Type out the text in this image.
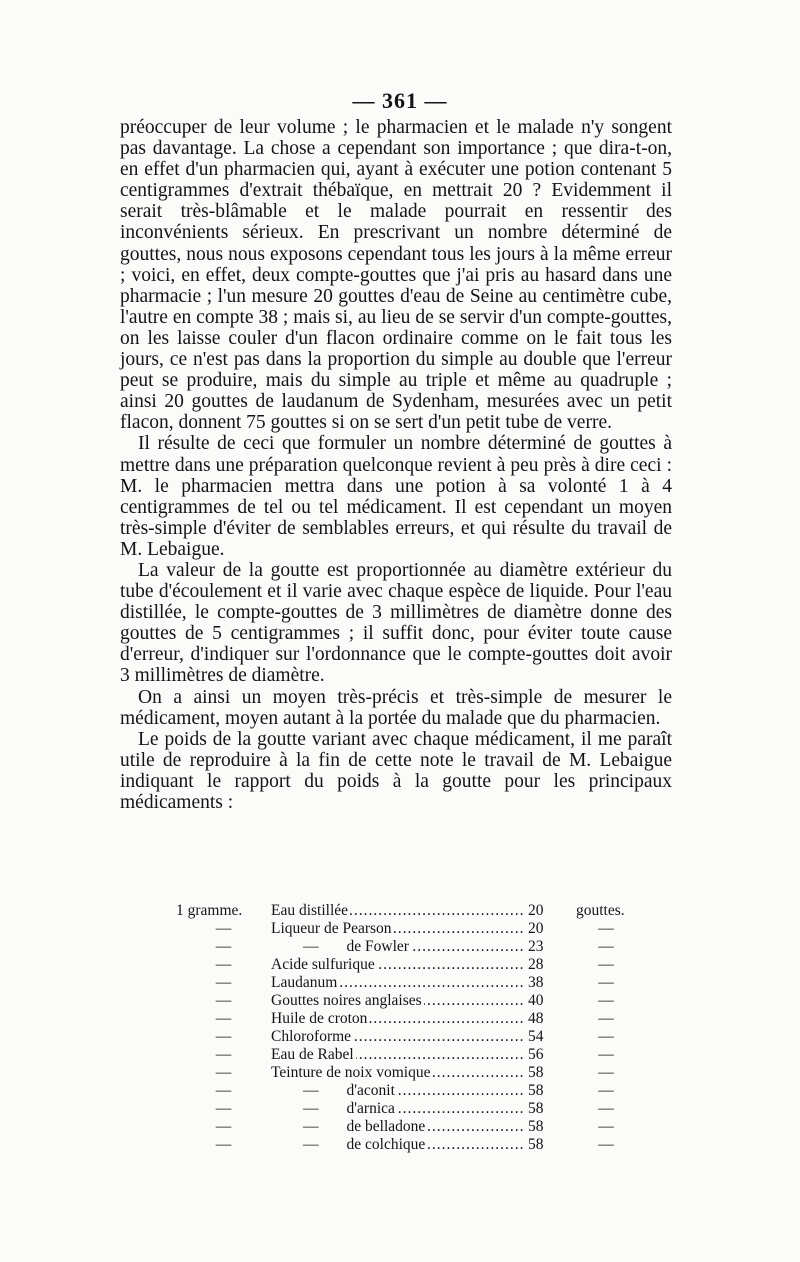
— 361 —

préoccuper de leur volume ; le pharmacien et le malade n'y songent pas davantage. La chose a cependant son importance ; que dira-t-on, en effet d'un pharmacien qui, ayant à exécuter une potion contenant 5 centigrammes d'extrait thébaïque, en mettrait 20 ? Evidemment il serait très-blâmable et le malade pourrait en ressentir des inconvénients sérieux. En prescrivant un nombre déterminé de gouttes, nous nous exposons cependant tous les jours à la même erreur ; voici, en effet, deux compte-gouttes que j'ai pris au hasard dans une pharmacie ; l'un mesure 20 gouttes d'eau de Seine au centimètre cube, l'autre en compte 38 ; mais si, au lieu de se servir d'un compte-gouttes, on les laisse couler d'un flacon ordinaire comme on le fait tous les jours, ce n'est pas dans la proportion du simple au double que l'erreur peut se produire, mais du simple au triple et même au quadruple ; ainsi 20 gouttes de laudanum de Sydenham, mesurées avec un petit flacon, donnent 75 gouttes si on se sert d'un petit tube de verre.

Il résulte de ceci que formuler un nombre déterminé de gouttes à mettre dans une préparation quelconque revient à peu près à dire ceci : M. le pharmacien mettra dans une potion à sa volonté 1 à 4 centigrammes de tel ou tel médicament. Il est cependant un moyen très-simple d'éviter de semblables erreurs, et qui résulte du travail de M. Lebaigue.

La valeur de la goutte est proportionnée au diamètre extérieur du tube d'écoulement et il varie avec chaque espèce de liquide. Pour l'eau distillée, le compte-gouttes de 3 millimètres de diamètre donne des gouttes de 5 centigrammes ; il suffit donc, pour éviter toute cause d'erreur, d'indiquer sur l'ordonnance que le compte-gouttes doit avoir 3 millimètres de diamètre.

On a ainsi un moyen très-précis et très-simple de mesurer le médicament, moyen autant à la portée du malade que du pharmacien.

Le poids de la goutte variant avec chaque médicament, il me paraît utile de reproduire à la fin de cette note le travail de M. Lebaigue indiquant le rapport du poids à la goutte pour les principaux médicaments :

1 gramme.	Eau distillée .....	20	gouttes.
—	Liqueur de Pearson .....	20	—
—	— de Fowler .....	23	—
—	Acide sulfurique .....	28	—
—	Laudanum .....	38	—
—	Gouttes noires anglaises .....	40	—
—	Huile de croton .....	48	—
—	Chloroforme .....	54	—
—	Eau de Rabel .....	56	—
—	Teinture de noix vomique .....	58	—
—	— d'aconit .....	58	—
—	— d'arnica .....	58	—
—	— de belladone .....	58	—
—	— de colchique .....	58	—
